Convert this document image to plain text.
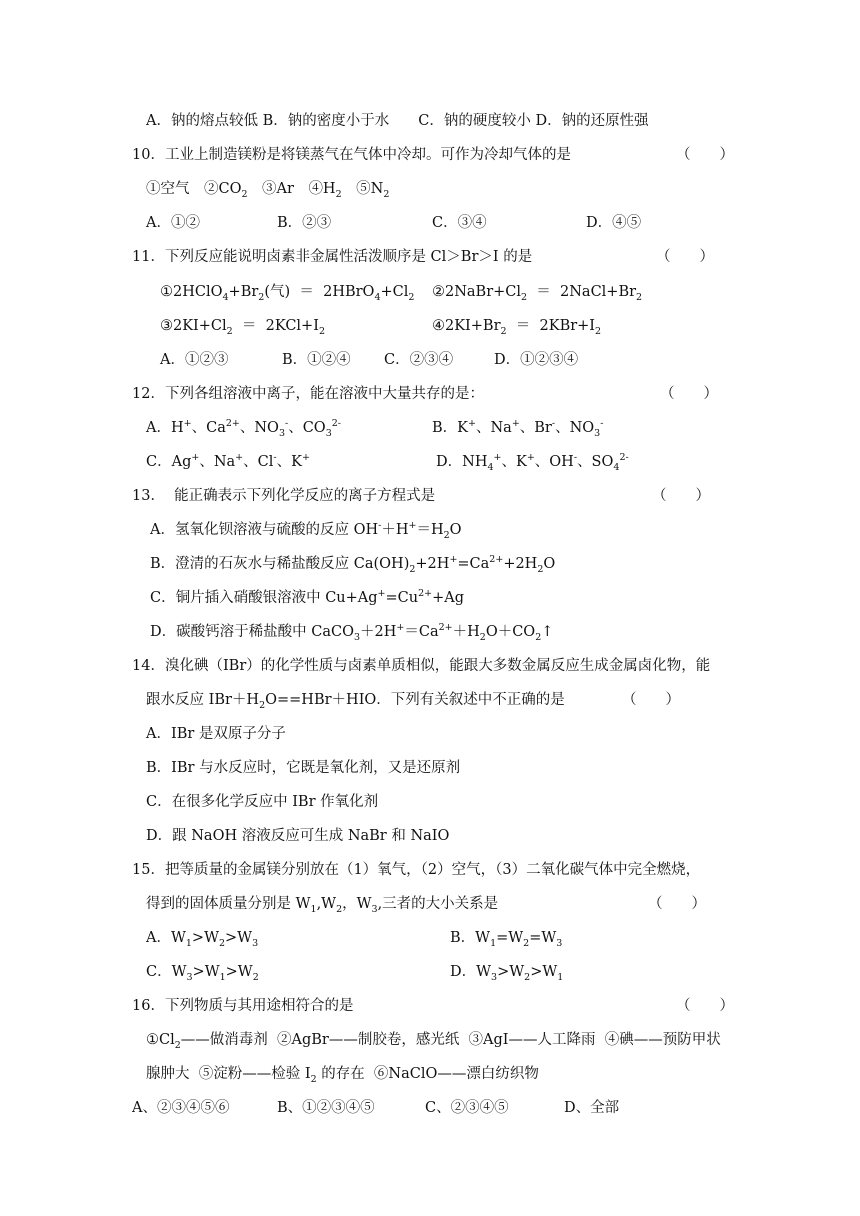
A．钠的熔点较低 B．钠的密度小于水　　C．钠的硬度较小 D．钠的还原性强
10．工业上制造镁粉是将镁蒸气在气体中冷却。可作为冷却气体的是	（　　）
①空气　 $②CO_2$　 ③Ar　 $④H_2$　 $⑤N_2$
A．①②	B．②③	C．③④	D．④⑤
11．下列反应能说明卤素非金属性活泼顺序是 Cl＞Br＞I 的是	（　　）
$①2HClO_4+Br_2$(气)  ＝  $2HBrO_4+Cl_2$ $②2NaBr+Cl_2$  ＝  $2NaCl+Br_2$
$③2KI+Cl_2 = 2KCl+I_2$	$④2KI+Br_2 = 2KBr+I_2$
A．①②③	B．①②④ C．②③④	D．①②③④
12．下列各组溶液中离子，能在溶液中大量共存的是：	（　　）
A．H+、$Ca^{2+}$、$NO_3^-$、$CO_3^{2-}$	B．K+、Na+、Br-、$NO_3^-$
C．Ag+、Na+、Cl-、K+	D．$NH_4^+$、K+、OH-、$SO_4^{2-}$
13．  能正确表示下列化学反应的离子方程式是	（　　）
A．氢氧化钡溶液与硫酸的反应 $OH^-+H^+=H_2O$
B．澄清的石灰水与稀盐酸反应 $Ca(OH)_2+2H^+=Ca^{2+}+2H_2O$
C．铜片插入硝酸银溶液中 $Cu+Ag^+=Cu^{2+}+Ag$
D．碳酸钙溶于稀盐酸中 $CaCO_3+2H^+=Ca^{2+}+H_2O+CO_2↑$
14．溴化碘（IBr）的化学性质与卤素单质相似，能跟大多数金属反应生成金属卤化物，能
跟水反应 $IBr+H_2O==HBr+HIO$．下列有关叙述中不正确的是	（　　）
A．IBr 是双原子分子
B．IBr 与水反应时，它既是氧化剂，又是还原剂
C．在很多化学反应中 IBr 作氧化剂
D．跟 NaOH 溶液反应可生成 NaBr 和 NaIO
15．把等质量的金属镁分别放在（1）氧气，（2）空气，（3）二氧化碳气体中完全燃烧，
得到的固体质量分别是 $W_1,W_2$，$W_3$,三者的大小关系是	（　　）
A．$W_1>W_2>W_3$	B．$W_1=W_2=W_3$
C．$W_3>W_1>W_2$	D．$W_3>W_2>W_1$
16．下列物质与其用途相符合的是	（　　）
$①Cl_2——$做消毒剂  ②AgBr——制胶卷，感光纸  ③AgI——人工降雨  ④碘——预防甲状
腺肿大  ⑤淀粉——检验 $I_2$ 的存在  ⑥NaClO——漂白纺织物
A、②③④⑤⑥	B、①②③④⑤	C、②③④⑤	D、全部
